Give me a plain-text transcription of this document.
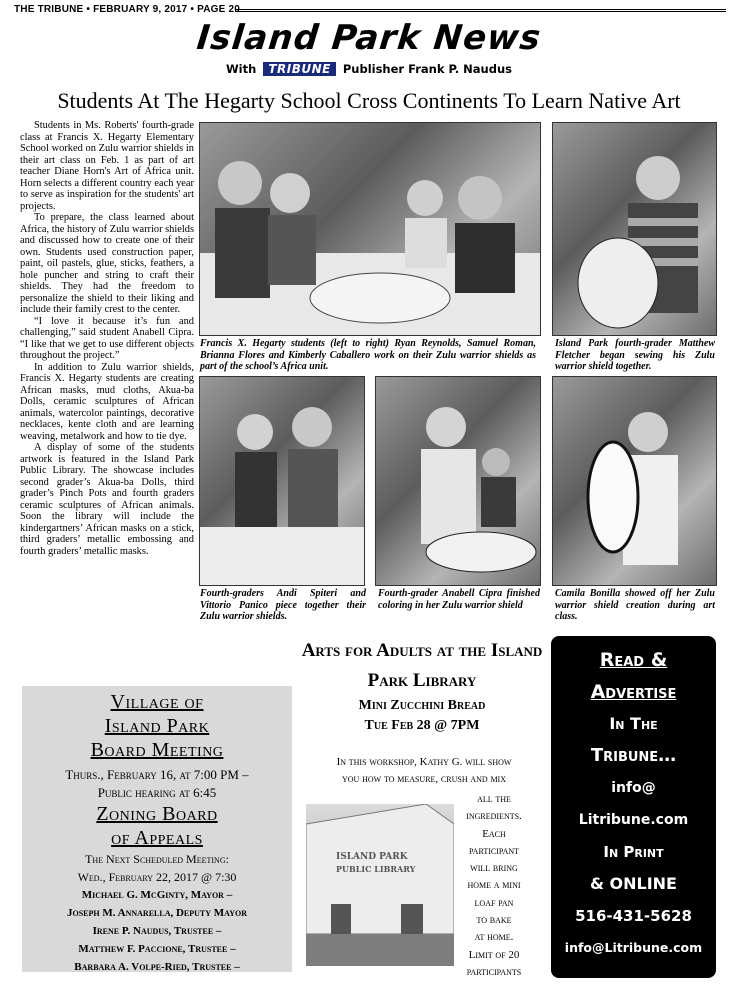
THE TRIBUNE • FEBRUARY 9, 2017 • PAGE 20
Island Park News
With TRIBUNE Publisher Frank P. Naudus
Students At The Hegarty School Cross Continents To Learn Native Art

Students in Ms. Roberts' fourth-grade class at Francis X. Hegarty Elementary School worked on Zulu warrior shields in their art class on Feb. 1 as part of art teacher Diane Horn's Art of Africa unit. Horn selects a different country each year to serve as inspiration for the students' art projects.

To prepare, the class learned about Africa, the history of Zulu warrior shields and discussed how to create one of their own. Students used construction paper, paint, oil pastels, glue, sticks, feathers, a hole puncher and string to craft their shields. They had the freedom to personalize the shield to their liking and include their family crest to the center.

“I love it because it’s fun and challenging,” said student Anabell Cipra. “I like that we get to use different objects throughout the project.”

In addition to Zulu warrior shields, Francis X. Hegarty students are creating African masks, mud cloths, Akua-ba Dolls, ceramic sculptures of African animals, watercolor paintings, decorative necklaces, kente cloth and are learning weaving, metalwork and how to tie dye.

A display of some of the students artwork is featured in the Island Park Public Library. The showcase includes second grader’s Akua-ba Dolls, third grader’s Pinch Pots and fourth graders ceramic sculptures of African animals. Soon the library will include the kindergartners’ African masks on a stick, third graders’ metallic embossing and fourth graders’ metallic masks.

Francis X. Hegarty students (left to right) Ryan Reynolds, Samuel Roman, Brianna Flores and Kimberly Caballero work on their Zulu warrior shields as part of the school’s Africa unit.
Island Park fourth-grader Matthew Fletcher began sewing his Zulu warrior shield together.
Fourth-graders Andi Spiteri and Vittorio Panico piece together their Zulu warrior shields.
Fourth-grader Anabell Cipra finished coloring in her Zulu warrior shield
Camila Bonilla showed off her Zulu warrior shield creation during art class.
Village of
Island Park
Board Meeting
Thurs., February 16, at 7:00 PM –
Public hearing at 6:45
Zoning Board
of Appeals
The Next Scheduled Meeting:
Wed., February 22, 2017 @ 7:30
Michael G. McGinty, Mayor –
Joseph M. Annarella, Deputy Mayor
Irene P. Naudus, Trustee –
Matthew F. Paccione, Trustee –
Barbara A. Volpe-Ried, Trustee –
Arts for Adults at the Island
Park Library
Mini Zucchini Bread
Tue Feb 28 @ 7PM
In this workshop, Kathy G. will show
you how to measure, crush and mix
ISLAND PARK
PUBLIC LIBRARY
all the
ingredients.
Each
participant
will bring
home a mini
loaf pan
to bake
at home.
Limit of 20
participants
Read &
Advertise
In The
Tribune…
info@
Litribune.com
In Print
& ONLINE
516-431-5628
info@Litribune.com
